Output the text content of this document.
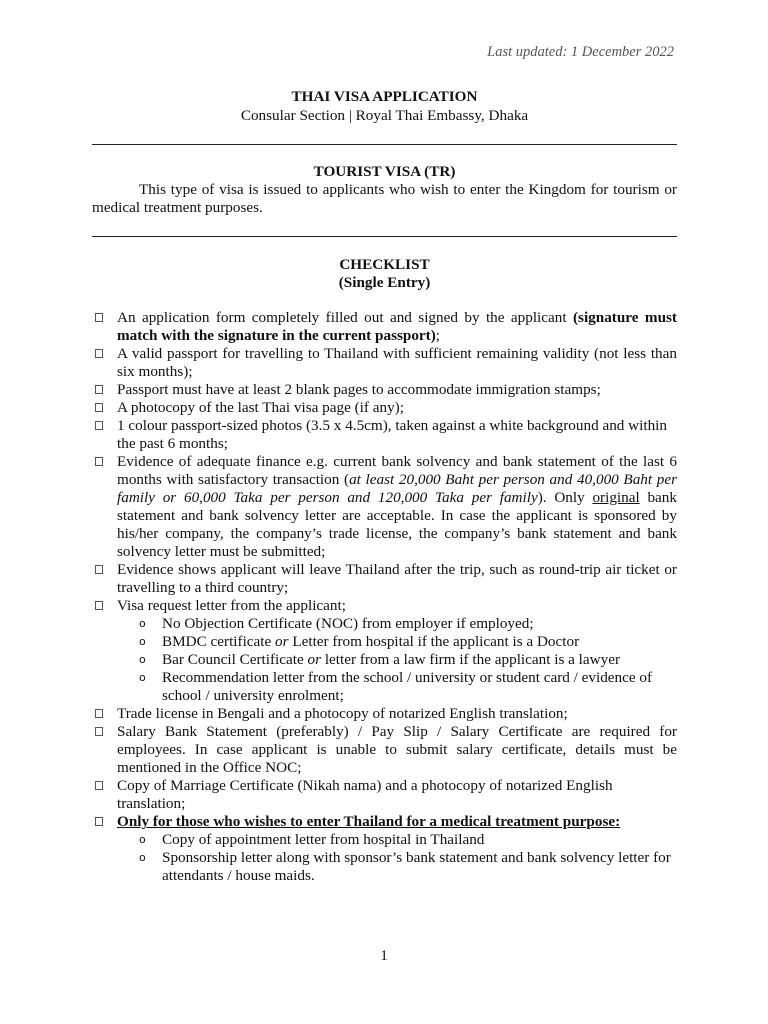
Last updated: 1 December 2022
THAI VISA APPLICATION
Consular Section | Royal Thai Embassy, Dhaka
TOURIST VISA (TR)
This type of visa is issued to applicants who wish to enter the Kingdom for tourism or medical treatment purposes.
CHECKLIST
(Single Entry)
An application form completely filled out and signed by the applicant (signature must match with the signature in the current passport);
A valid passport for travelling to Thailand with sufficient remaining validity (not less than six months);
Passport must have at least 2 blank pages to accommodate immigration stamps;
A photocopy of the last Thai visa page (if any);
1 colour passport-sized photos (3.5 x 4.5cm), taken against a white background and within the past 6 months;
Evidence of adequate finance e.g. current bank solvency and bank statement of the last 6 months with satisfactory transaction (at least 20,000 Baht per person and 40,000 Baht per family or 60,000 Taka per person and 120,000 Taka per family). Only original bank statement and bank solvency letter are acceptable. In case the applicant is sponsored by his/her company, the company’s trade license, the company’s bank statement and bank solvency letter must be submitted;
Evidence shows applicant will leave Thailand after the trip, such as round-trip air ticket or travelling to a third country;
Visa request letter from the applicant;
o No Objection Certificate (NOC) from employer if employed;
o BMDC certificate or Letter from hospital if the applicant is a Doctor
o Bar Council Certificate or letter from a law firm if the applicant is a lawyer
o Recommendation letter from the school / university or student card / evidence of school / university enrolment;
Trade license in Bengali and a photocopy of notarized English translation;
Salary Bank Statement (preferably) / Pay Slip / Salary Certificate are required for employees. In case applicant is unable to submit salary certificate, details must be mentioned in the Office NOC;
Copy of Marriage Certificate (Nikah nama) and a photocopy of notarized English translation;
Only for those who wishes to enter Thailand for a medical treatment purpose:
o Copy of appointment letter from hospital in Thailand
o Sponsorship letter along with sponsor’s bank statement and bank solvency letter for attendants / house maids.
1
